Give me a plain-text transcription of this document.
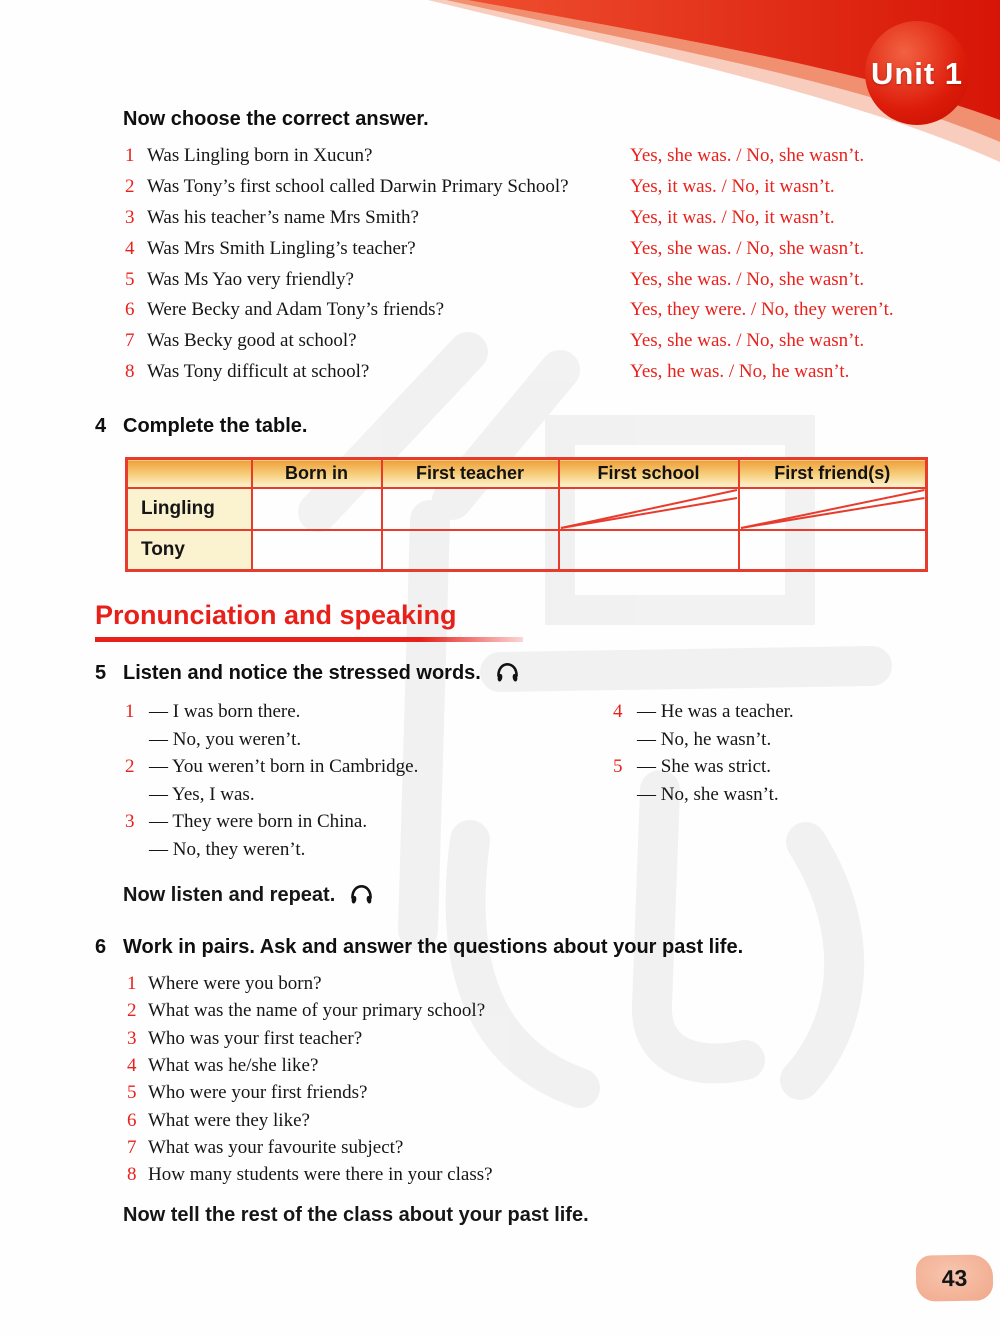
Unit 1
Now choose the correct answer.
1 Was Lingling born in Xucun?	Yes, she was. / No, she wasn’t.
2 Was Tony’s first school called Darwin Primary School?	Yes, it was. / No, it wasn’t.
3 Was his teacher’s name Mrs Smith?	Yes, it was. / No, it wasn’t.
4 Was Mrs Smith Lingling’s teacher?	Yes, she was. / No, she wasn’t.
5 Was Ms Yao very friendly?	Yes, she was. / No, she wasn’t.
6 Were Becky and Adam Tony’s friends?	Yes, they were. / No, they weren’t.
7 Was Becky good at school?	Yes, she was. / No, she wasn’t.
8 Was Tony difficult at school?	Yes, he was. / No, he wasn’t.
4 Complete the table.
	Born in	First teacher	First school	First friend(s)
Lingling			

Tony				
Pronunciation and speaking
5 Listen and notice the stressed words.
1 — I was born there.
— No, you weren’t.
2 — You weren’t born in Cambridge.
— Yes, I was.
3 — They were born in China.
— No, they weren’t.
4 — He was a teacher.
— No, he wasn’t.
5 — She was strict.
— No, she wasn’t.
Now listen and repeat.
6 Work in pairs. Ask and answer the questions about your past life.
1 Where were you born?
2 What was the name of your primary school?
3 Who was your first teacher?
4 What was he/she like?
5 Who were your first friends?
6 What were they like?
7 What was your favourite subject?
8 How many students were there in your class?
Now tell the rest of the class about your past life.
43
